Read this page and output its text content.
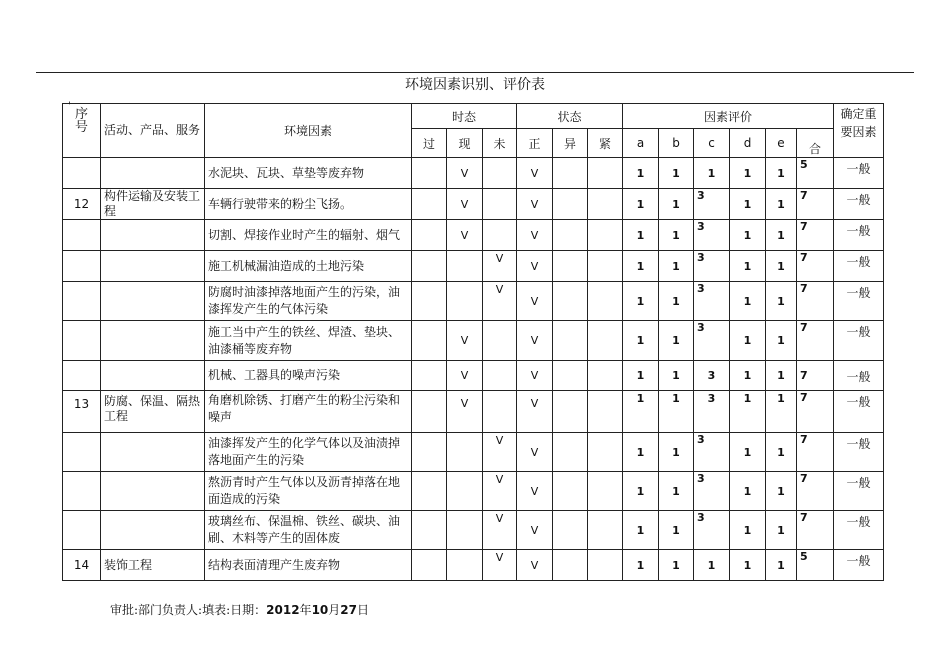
环境因素识别、评价表
'
序号	活动、产品、服务	环境因素	时态			状态			因素评价						确定重要因素
			过	现	未	正	异	紧	a	b	c	d	e	合	
		水泥块、瓦块、草垫等废弃物		V		V			1	1	1	1	1	5	一般
12	构件运输及安装工程	车辆行驶带来的粉尘飞扬。		V		V			1	1	3	1	1	7	一般
		切割、焊接作业时产生的辐射、烟气		V		V			1	1	3	1	1	7	一般
		施工机械漏油造成的土地污染			V	V			1	1	3	1	1	7	一般
		防腐时油漆掉落地面产生的污染，油漆挥发产生的气体污染			V	V			1	1	3	1	1	7	一般
		施工当中产生的铁丝、焊渣、垫块、油漆桶等废弃物		V		V			1	1	3	1	1	7	一般
		机械、工器具的噪声污染		V		V			1	1	3	1	1	7	一般
13	防腐、保温、隔热工程	角磨机除锈、打磨产生的粉尘污染和噪声		V		V			1	1	3	1	1	7	一般
		油漆挥发产生的化学气体以及油渍掉落地面产生的污染			V	V			1	1	3	1	1	7	一般
		熬沥青时产生气体以及沥青掉落在地面造成的污染			V	V			1	1	3	1	1	7	一般
		玻璃丝布、保温棉、铁丝、碳块、油刷、木料等产生的固体废			V	V			1	1	3	1	1	7	一般
14	装饰工程	结构表面清理产生废弃物			V	V			1	1	1	1	1	5	一般
审批:部门负责人:填表:日期：2012年10月27日
